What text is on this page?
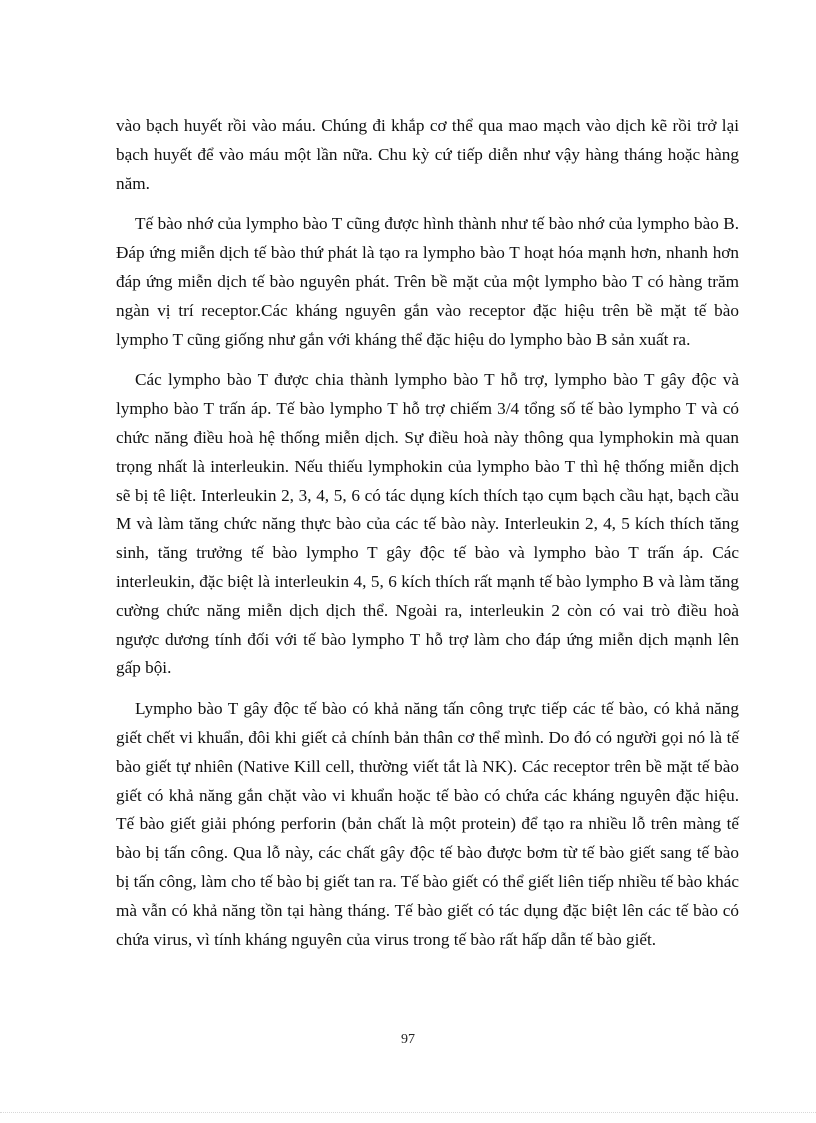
vào bạch huyết rồi vào máu. Chúng đi khắp cơ thể qua mao mạch vào dịch kẽ rồi trở lại bạch huyết để vào máu một lần nữa. Chu kỳ cứ tiếp diễn như vậy hàng tháng hoặc hàng năm.

Tế bào nhớ của lympho bào T cũng được hình thành như tế bào nhớ của lympho bào B. Đáp ứng miễn dịch tế bào thứ phát là tạo ra lympho bào T hoạt hóa mạnh hơn, nhanh hơn đáp ứng miễn dịch tế bào nguyên phát. Trên bề mặt của một lympho bào T có hàng trăm ngàn vị trí receptor.Các kháng nguyên gắn vào receptor đặc hiệu trên bề mặt tế bào lympho T cũng giống như gắn với kháng thể đặc hiệu do lympho bào B sản xuất ra.

Các lympho bào T được chia thành lympho bào T hỗ trợ, lympho bào T gây độc và lympho bào T trấn áp. Tế bào lympho T hỗ trợ chiếm 3/4 tổng số tế bào lympho T và có chức năng điều hoà hệ thống miễn dịch. Sự điều hoà này thông qua lymphokin mà quan trọng nhất là interleukin. Nếu thiếu lymphokin của lympho bào T thì hệ thống miễn dịch sẽ bị tê liệt. Interleukin 2, 3, 4, 5, 6 có tác dụng kích thích tạo cụm bạch cầu hạt, bạch cầu M và làm tăng chức năng thực bào của các tế bào này. Interleukin 2, 4, 5 kích thích tăng sinh, tăng trưởng tế bào lympho T gây độc tế bào và lympho bào T trấn áp. Các interleukin, đặc biệt là interleukin 4, 5, 6 kích thích rất mạnh tế bào lympho B và làm tăng cường chức năng miễn dịch dịch thể. Ngoài ra, interleukin 2 còn có vai trò điều hoà ngược dương tính đối với tế bào lympho T hỗ trợ làm cho đáp ứng miễn dịch mạnh lên gấp bội.

Lympho bào T gây độc tế bào có khả năng tấn công trực tiếp các tế bào, có khả năng giết chết vi khuẩn, đôi khi giết cả chính bản thân cơ thể mình. Do đó có người gọi nó là tế bào giết tự nhiên (Native Kill cell, thường viết tắt là NK). Các receptor trên bề mặt tế bào giết có khả năng gắn chặt vào vi khuẩn hoặc tế bào có chứa các kháng nguyên đặc hiệu. Tế bào giết giải phóng perforin (bản chất là một protein) để tạo ra nhiều lỗ trên màng tế bào bị tấn công. Qua lỗ này, các chất gây độc tế bào được bơm từ tế bào giết sang tế bào bị tấn công, làm cho tế bào bị giết tan ra. Tế bào giết có thể giết liên tiếp nhiều tế bào khác mà vẫn có khả năng tồn tại hàng tháng. Tế bào giết có tác dụng đặc biệt lên các tế bào có chứa virus, vì tính kháng nguyên của virus trong tế bào rất hấp dẫn tế bào giết.

97
